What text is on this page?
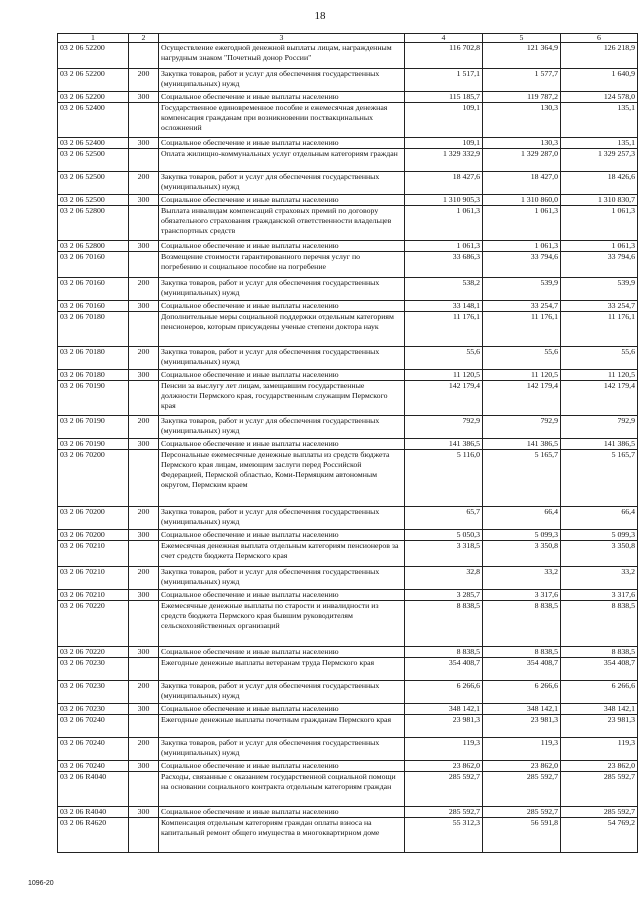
18
1	2	3	4	5	6
03 2 06 52200		Осуществление ежегодной денежной выплаты лицам, награжденным нагрудным знаком "Почетный донор России"	116 702,8	121 364,9	126 218,9
03 2 06 52200	200	Закупка товаров, работ и услуг для обеспечения государственных (муниципальных) нужд	1 517,1	1 577,7	1 640,9
03 2 06 52200	300	Социальное обеспечение и иные выплаты населению	115 185,7	119 787,2	124 578,0
03 2 06 52400		Государственное единовременное пособие и ежемесячная денежная компенсация гражданам при возникновении поствакцинальных осложнений	109,1	130,3	135,1
03 2 06 52400	300	Социальное обеспечение и иные выплаты населению	109,1	130,3	135,1
03 2 06 52500		Оплата жилищно-коммунальных услуг отдельным категориям граждан	1 329 332,9	1 329 287,0	1 329 257,3
03 2 06 52500	200	Закупка товаров, работ и услуг для обеспечения государственных (муниципальных) нужд	18 427,6	18 427,0	18 426,6
03 2 06 52500	300	Социальное обеспечение и иные выплаты населению	1 310 905,3	1 310 860,0	1 310 830,7
03 2 06 52800		Выплата инвалидам компенсаций страховых премий по договору обязательного страхования гражданской ответственности владельцев транспортных средств	1 061,3	1 061,3	1 061,3
03 2 06 52800	300	Социальное обеспечение и иные выплаты населению	1 061,3	1 061,3	1 061,3
03 2 06 70160		Возмещение стоимости гарантированного перечня услуг по погребению и социальное пособие на погребение	33 686,3	33 794,6	33 794,6
03 2 06 70160	200	Закупка товаров, работ и услуг для обеспечения государственных (муниципальных) нужд	538,2	539,9	539,9
03 2 06 70160	300	Социальное обеспечение и иные выплаты населению	33 148,1	33 254,7	33 254,7
03 2 06 70180		Дополнительные меры социальной поддержки отдельным категориям пенсионеров, которым присуждены ученые степени доктора наук	11 176,1	11 176,1	11 176,1
03 2 06 70180	200	Закупка товаров, работ и услуг для обеспечения государственных (муниципальных) нужд	55,6	55,6	55,6
03 2 06 70180	300	Социальное обеспечение и иные выплаты населению	11 120,5	11 120,5	11 120,5
03 2 06 70190		Пенсии за выслугу лет лицам, замещавшим государственные должности Пермского края, государственным служащим Пермского края	142 179,4	142 179,4	142 179,4
03 2 06 70190	200	Закупка товаров, работ и услуг для обеспечения государственных (муниципальных) нужд	792,9	792,9	792,9
03 2 06 70190	300	Социальное обеспечение и иные выплаты населению	141 386,5	141 386,5	141 386,5
03 2 06 70200		Персональные ежемесячные денежные выплаты из средств бюджета Пермского края лицам, имеющим заслуги перед Российской Федерацией, Пермской областью, Коми-Пермяцким автономным округом, Пермским краем	5 116,0	5 165,7	5 165,7
03 2 06 70200	200	Закупка товаров, работ и услуг для обеспечения государственных (муниципальных) нужд	65,7	66,4	66,4
03 2 06 70200	300	Социальное обеспечение и иные выплаты населению	5 050,3	5 099,3	5 099,3
03 2 06 70210		Ежемесячная денежная выплата отдельным категориям пенсионеров за счет средств бюджета Пермского края	3 318,5	3 350,8	3 350,8
03 2 06 70210	200	Закупка товаров, работ и услуг для обеспечения государственных (муниципальных) нужд	32,8	33,2	33,2
03 2 06 70210	300	Социальное обеспечение и иные выплаты населению	3 285,7	3 317,6	3 317,6
03 2 06 70220		Ежемесячные денежные выплаты по старости и инвалидности из средств бюджета Пермского края бывшим руководителям сельскохозяйственных организаций	8 838,5	8 838,5	8 838,5
03 2 06 70220	300	Социальное обеспечение и иные выплаты населению	8 838,5	8 838,5	8 838,5
03 2 06 70230		Ежегодные денежные выплаты ветеранам труда Пермского края	354 408,7	354 408,7	354 408,7
03 2 06 70230	200	Закупка товаров, работ и услуг для обеспечения государственных (муниципальных) нужд	6 266,6	6 266,6	6 266,6
03 2 06 70230	300	Социальное обеспечение и иные выплаты населению	348 142,1	348 142,1	348 142,1
03 2 06 70240		Ежегодные денежные выплаты почетным гражданам Пермского края	23 981,3	23 981,3	23 981,3
03 2 06 70240	200	Закупка товаров, работ и услуг для обеспечения государственных (муниципальных) нужд	119,3	119,3	119,3
03 2 06 70240	300	Социальное обеспечение и иные выплаты населению	23 862,0	23 862,0	23 862,0
03 2 06 R4040		Расходы, связанные с оказанием государственной социальной помощи на основании социального контракта отдельным категориям граждан	285 592,7	285 592,7	285 592,7
03 2 06 R4040	300	Социальное обеспечение и иные выплаты населению	285 592,7	285 592,7	285 592,7
03 2 06 R4620		Компенсация отдельным категориям граждан оплаты взноса на капитальный ремонт общего имущества в многоквартирном доме	55 312,3	56 591,8	54 769,2
1096-20
